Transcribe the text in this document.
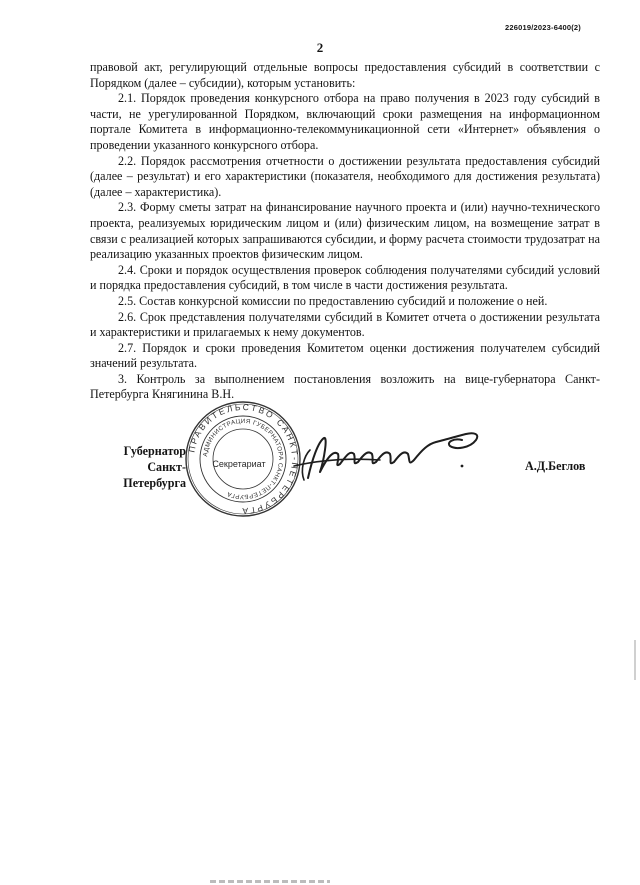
226019/2023-6400(2)
2

правовой акт, регулирующий отдельные вопросы предоставления субсидий в соответствии с Порядком (далее – субсидии), которым установить:

2.1. Порядок проведения конкурсного отбора на право получения в 2023 году субсидий в части, не урегулированной Порядком, включающий сроки размещения на информационном портале Комитета в информационно-телекоммуникационной сети «Интернет» объявления о проведении указанного конкурсного отбора.

2.2. Порядок рассмотрения отчетности о достижении результата предоставления субсидий (далее – результат) и его характеристики (показателя, необходимого для достижения результата) (далее – характеристика).

2.3. Форму сметы затрат на финансирование научного проекта и (или) научно-технического проекта, реализуемых юридическим лицом и (или) физическим лицом, на возмещение затрат в связи с реализацией которых запрашиваются субсидии, и форму расчета стоимости трудозатрат на реализацию указанных проектов физическим лицом.

2.4. Сроки и порядок осуществления проверок соблюдения получателями субсидий условий и порядка предоставления субсидий, в том числе в части достижения результата.

2.5. Состав конкурсной комиссии по предоставлению субсидий и положение о ней.

2.6. Срок представления получателями субсидий в Комитет отчета о достижении результата и характеристики и прилагаемых к нему документов.

2.7. Порядок и сроки проведения Комитетом оценки достижения получателем субсидий значений результата.

3. Контроль за выполнением постановления возложить на вице-губернатора Санкт-Петербурга Княгинина В.Н.

Губернатор
Санкт-Петербурга
ПРАВИТЕЛЬСТВО САНКТ-ПЕТЕРБУРГА
АДМИНИСТРАЦИЯ ГУБЕРНАТОРА САНКТ-ПЕТЕРБУРГА
Секретариат	А.Д.Беглов
